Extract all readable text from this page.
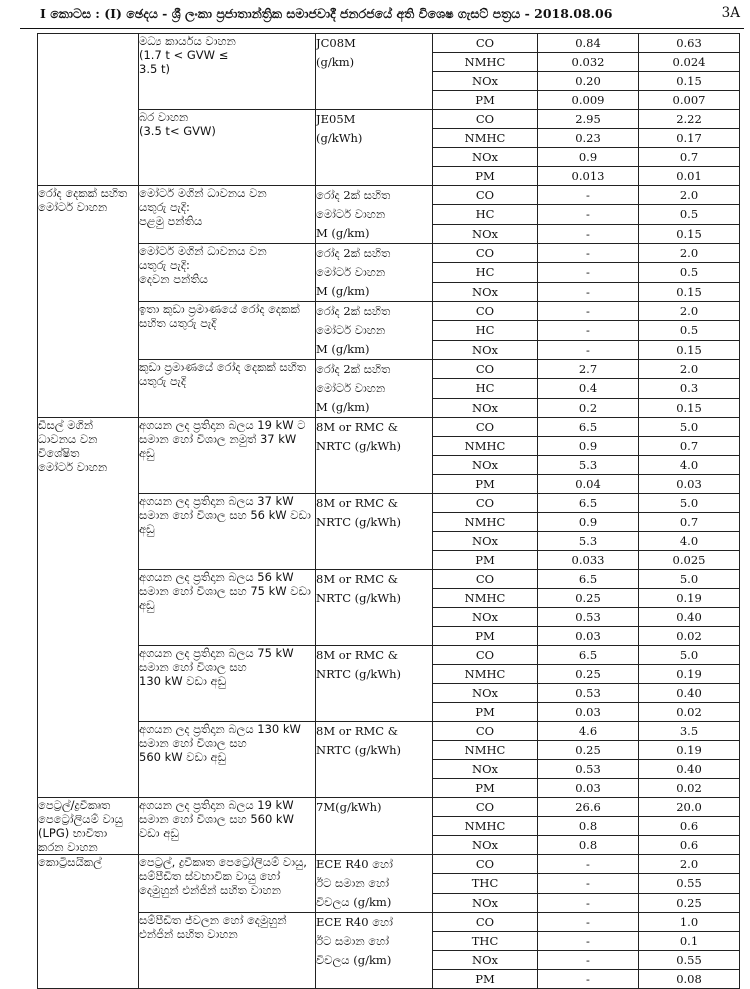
I කොටස : (I) ඡෙදය - ශ්‍රී ලංකා ප්‍රජාතාන්ත්‍රික සමාජවාදී ජනරජයේ අති විශෙෂ ගැසට් පත්‍රය - 2018.08.06	3A
	මධ්‍ය කාර්යය වාහන
(1.7 t < GVW ≤
3.5 t)	JC08M
(g/km)	CO	0.84	0.63
			NMHC	0.032	0.024
			NOx	0.20	0.15
			PM	0.009	0.007
	බර වාහන
(3.5 t< GVW)	JE05M
(g/kWh)	CO	2.95	2.22
			NMHC	0.23	0.17
			NOx	0.9	0.7
			PM	0.013	0.01
රෝද දෙකක් සහිත
මෝටර් වාහන	මෝටර් මගින් ධාවනය වන
යතුරු පැදි:
පළමු පන්තිය	රෝද 2ක් සහිත
මෝටර් වාහන
M (g/km)	CO	-	2.0
			HC	-	0.5
			NOx	-	0.15
	මෝටර් මගින් ධාවනය වන
යතුරු පැදි:
දෙවන පන්තිය	රෝද 2ක් සහිත
මෝටර් වාහන
M (g/km)	CO	-	2.0
			HC	-	0.5
			NOx	-	0.15
	ඉතා කුඩා ප්‍රමාණයේ රෝද දෙකක්
සහිත යතුරු පැදි	රෝද 2ක් සහිත
මෝටර් වාහන
M (g/km)	CO	-	2.0
			HC	-	0.5
			NOx	-	0.15
	කුඩා ප්‍රමාණයේ රෝද දෙකක් සහිත
යතුරු පැදි	රෝද 2ක් සහිත
මෝටර් වාහන
M (g/km)	CO	2.7	2.0
			HC	0.4	0.3
			NOx	0.2	0.15
ඩීසල් මගින්
ධාවනය වන
විශේෂිත
මෝටර් වාහන	අගයන ලද ප්‍රතිදාන බලය 19 kW ට
සමාන හෝ විශාල නමුත් 37 kW
අඩු	8M or RMC &
NRTC (g/kWh)	CO	6.5	5.0
			NMHC	0.9	0.7
			NOx	5.3	4.0
			PM	0.04	0.03
	අගයන ලද ප්‍රතිදාන බලය 37 kW
සමාන හෝ විශාල සහ 56 kW වඩා
අඩු	8M or RMC &
NRTC (g/kWh)	CO	6.5	5.0
			NMHC	0.9	0.7
			NOx	5.3	4.0
			PM	0.033	0.025
	අගයන ලද ප්‍රතිදාන බලය 56 kW
සමාන හෝ විශාල සහ 75 kW වඩා
අඩු	8M or RMC &
NRTC (g/kWh)	CO	6.5	5.0
			NMHC	0.25	0.19
			NOx	0.53	0.40
			PM	0.03	0.02
	අගයන ලද ප්‍රතිදාන බලය 75 kW
සමාන හෝ විශාල සහ
130 kW වඩා අඩු	8M or RMC &
NRTC (g/kWh)	CO	6.5	5.0
			NMHC	0.25	0.19
			NOx	0.53	0.40
			PM	0.03	0.02
	අගයන ලද ප්‍රතිදාන බලය 130 kW
සමාන හෝ විශාල සහ
560 kW වඩා අඩු	8M or RMC &
NRTC (g/kWh)	CO	4.6	3.5
			NMHC	0.25	0.19
			NOx	0.53	0.40
			PM	0.03	0.02
පෙට්‍රල්/ද්‍රවීකෘත
පෙට්‍රෝලියම් වායු
(LPG) භාවිතා
කරන වාහන	අගයන ලද ප්‍රතිදාන බලය 19 kW
සමාන හෝ විශාල සහ 560 kW
වඩා අඩු	7M(g/kWh)	CO	26.6	20.0
			NMHC	0.8	0.6
			NOx	0.8	0.6
කොට්‍රිසයිකල්	පෙට්‍රල්, ද්‍රවීකෘත පෙට්‍රෝලියම් වායු,
සම්පීඩිත ස්වභාවික වායු හෝ
දෙමුහුන් එන්ජින් සහිත වාහන	ECE R40 හෝ
ඊට සමාන හෝ
විචලය (g/km)	CO	-	2.0
			THC	-	0.55
			NOx	-	0.25
	සම්පීඩිත ජ්වලන හෝ දෙමුහුන්
එන්ජින් සහිත වාහන	ECE R40 හෝ
ඊට සමාන හෝ
විචලය (g/km)	CO	-	1.0
			THC	-	0.1
			NOx	-	0.55
			PM	-	0.08
